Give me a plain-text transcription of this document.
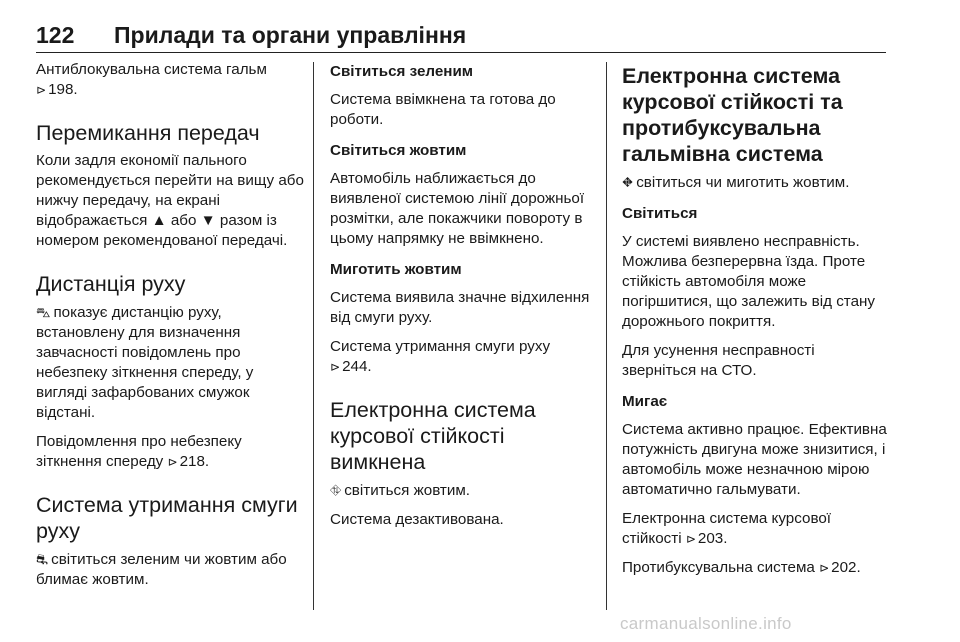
122 Прилади та органи управління

Антиблокувальна система гальм
⊳ 198.

Перемикання передач

Коли задля економії пального рекомендується перейти на вищу або нижчу передачу, на екрані відображається ▲ або ▼ разом із номером рекомендованої передачі.

Дистанція руху

⛍ показує дистанцію руху, встановлену для визначення завчасності повідомлень про небезпеку зіткнення спереду, у вигляді зафарбованих смужок відстані.

Повідомлення про небезпеку зіткнення спереду ⊳ 218.

Система утримання смуги руху

⛐ світиться зеленим чи жовтим або блимає жовтим.

Світиться зеленим

Система ввімкнена та готова до роботи.

Світиться жовтим

Автомобіль наближається до виявленої системою лінії дорожньої розмітки, але покажчики повороту в цьому напрямку не ввімкнено.

Миготить жовтим

Система виявила значне відхилення від смуги руху.

Система утримання смуги руху
⊳ 244.

Електронна система курсової стійкості вимкнена

⛗ світиться жовтим.

Система дезактивована.

Електронна система курсової стійкості та протибуксувальна гальмівна система

⛖ світиться чи миготить жовтим.

Світиться

У системі виявлено несправність. Можлива безперервна їзда. Проте стійкість автомобіля може погіршитися, що залежить від стану дорожнього покриття.

Для усунення несправності зверніться на СТО.

Мигає

Система активно працює. Ефективна потужність двигуна може знизитися, і автомобіль може незначною мірою автоматично гальмувати.

Електронна система курсової стійкості ⊳ 203.

Протибуксувальна система ⊳ 202.

carmanualsonline.info
